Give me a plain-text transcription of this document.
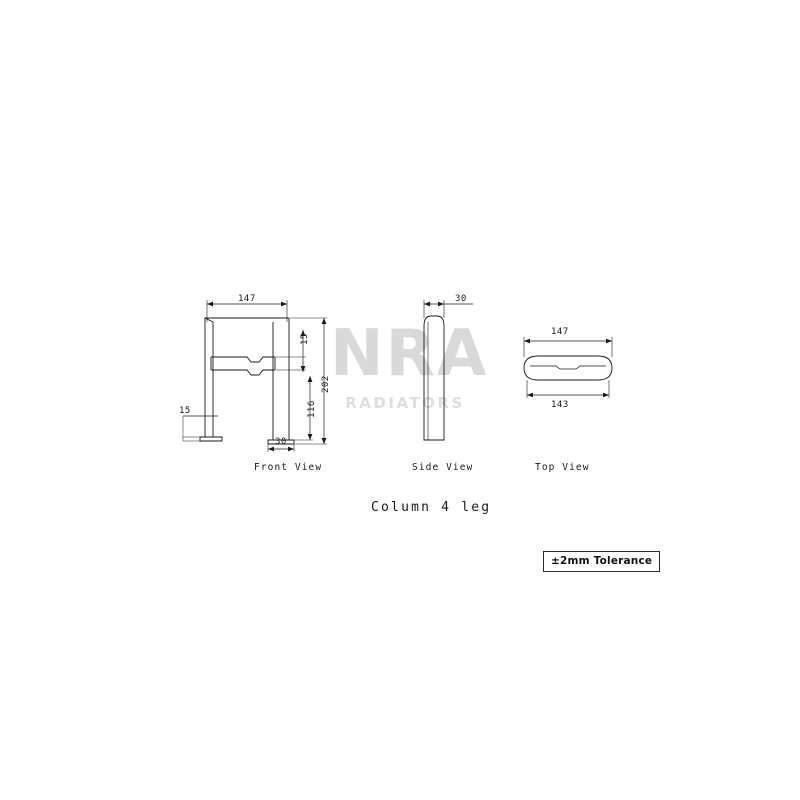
NRA
RADIATORS
147
15
202
116
15
30
Front View
30
Side View
147
143
Top View
Column 4 leg
±2mm Tolerance
